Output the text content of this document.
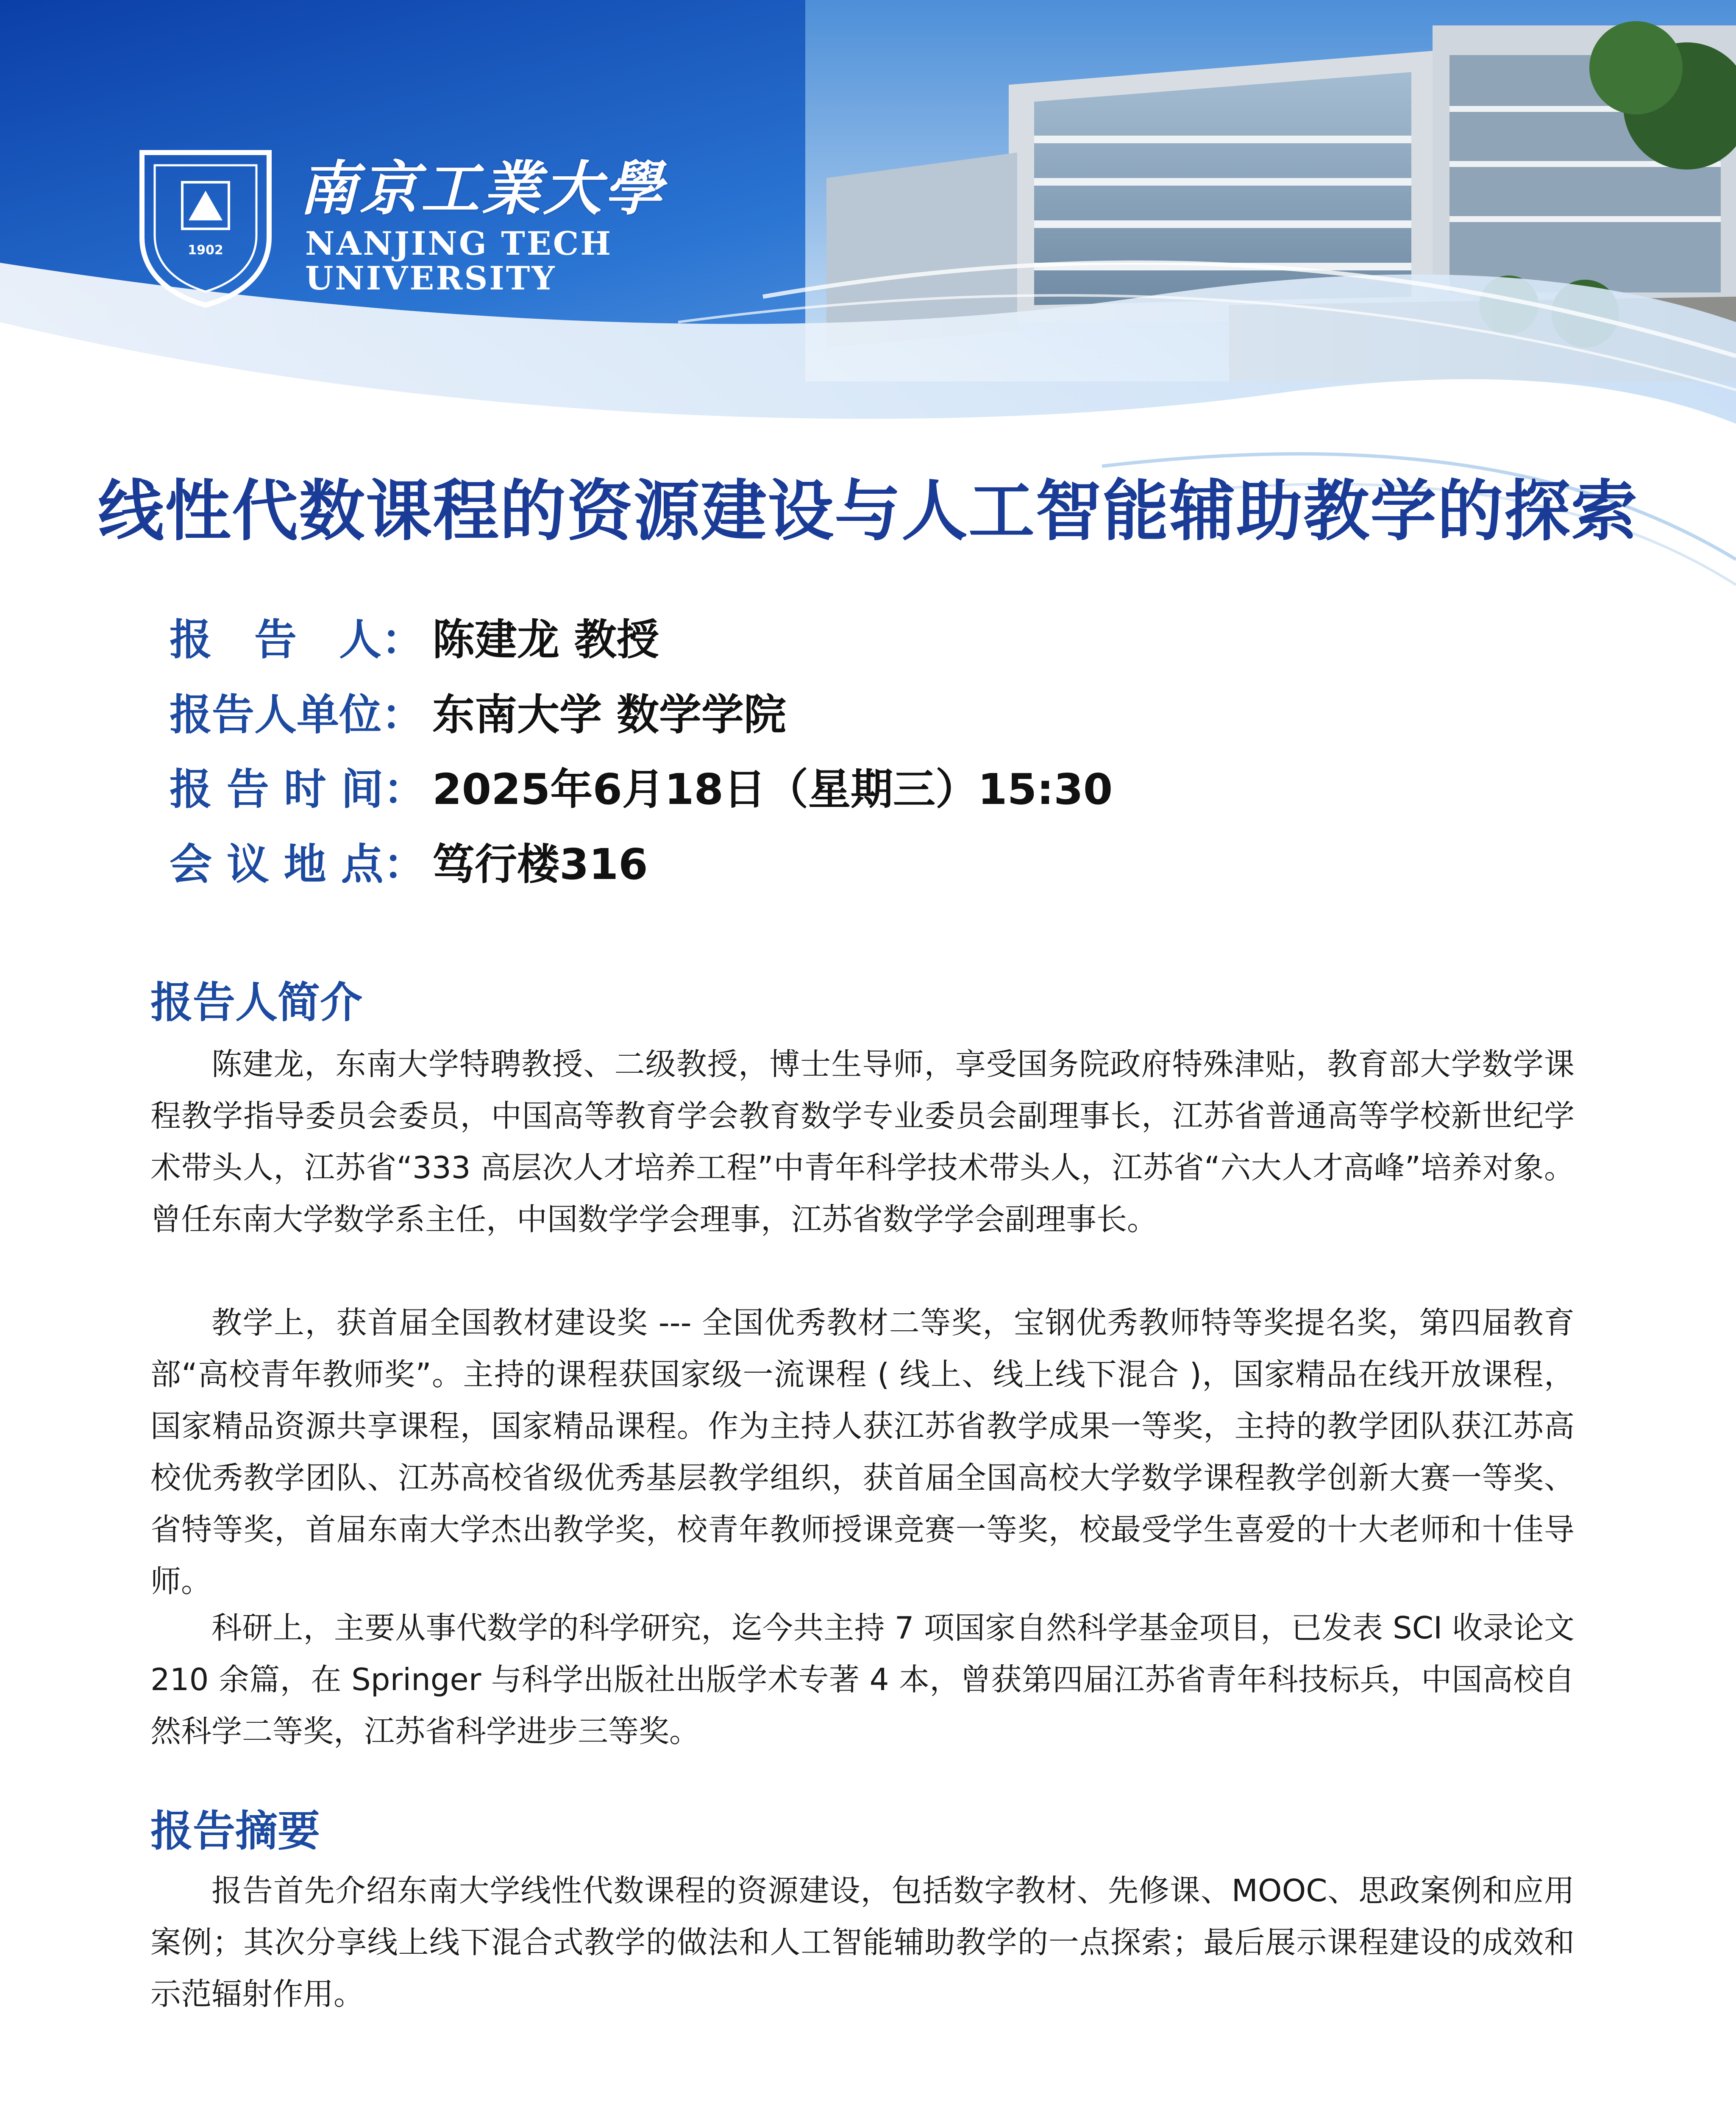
1902
南京工業大學
NANJING TECH
UNIVERSITY
线性代数课程的资源建设与人工智能辅助教学的探索
报　告　人： 陈建龙 教授
报告人单位： 东南大学 数学学院
报 告 时 间： 2025年6月18日（星期三）15:30
会 议 地 点： 笃行楼316
报告人简介

陈建龙，东南大学特聘教授、二级教授，博士生导师，享受国务院政府特殊津贴，教育部大学数学课程教学指导委员会委员，中国高等教育学会教育数学专业委员会副理事长，江苏省普通高等学校新世纪学术带头人，江苏省“333 高层次人才培养工程”中青年科学技术带头人，江苏省“六大人才高峰”培养对象。曾任东南大学数学系主任，中国数学学会理事，江苏省数学学会副理事长。

教学上，获首届全国教材建设奖 --- 全国优秀教材二等奖，宝钢优秀教师特等奖提名奖，第四届教育部“高校青年教师奖”。主持的课程获国家级一流课程 ( 线上、线上线下混合 )，国家精品在线开放课程，国家精品资源共享课程，国家精品课程。作为主持人获江苏省教学成果一等奖，主持的教学团队获江苏高校优秀教学团队、江苏高校省级优秀基层教学组织，获首届全国高校大学数学课程教学创新大赛一等奖、省特等奖，首届东南大学杰出教学奖，校青年教师授课竞赛一等奖，校最受学生喜爱的十大老师和十佳导师。

科研上，主要从事代数学的科学研究，迄今共主持 7 项国家自然科学基金项目，已发表 SCI 收录论文 210 余篇，在 Springer 与科学出版社出版学术专著 4 本，曾获第四届江苏省青年科技标兵，中国高校自然科学二等奖，江苏省科学进步三等奖。

报告摘要

报告首先介绍东南大学线性代数课程的资源建设，包括数字教材、先修课、MOOC、思政案例和应用案例；其次分享线上线下混合式教学的做法和人工智能辅助教学的一点探索；最后展示课程建设的成效和示范辐射作用。
